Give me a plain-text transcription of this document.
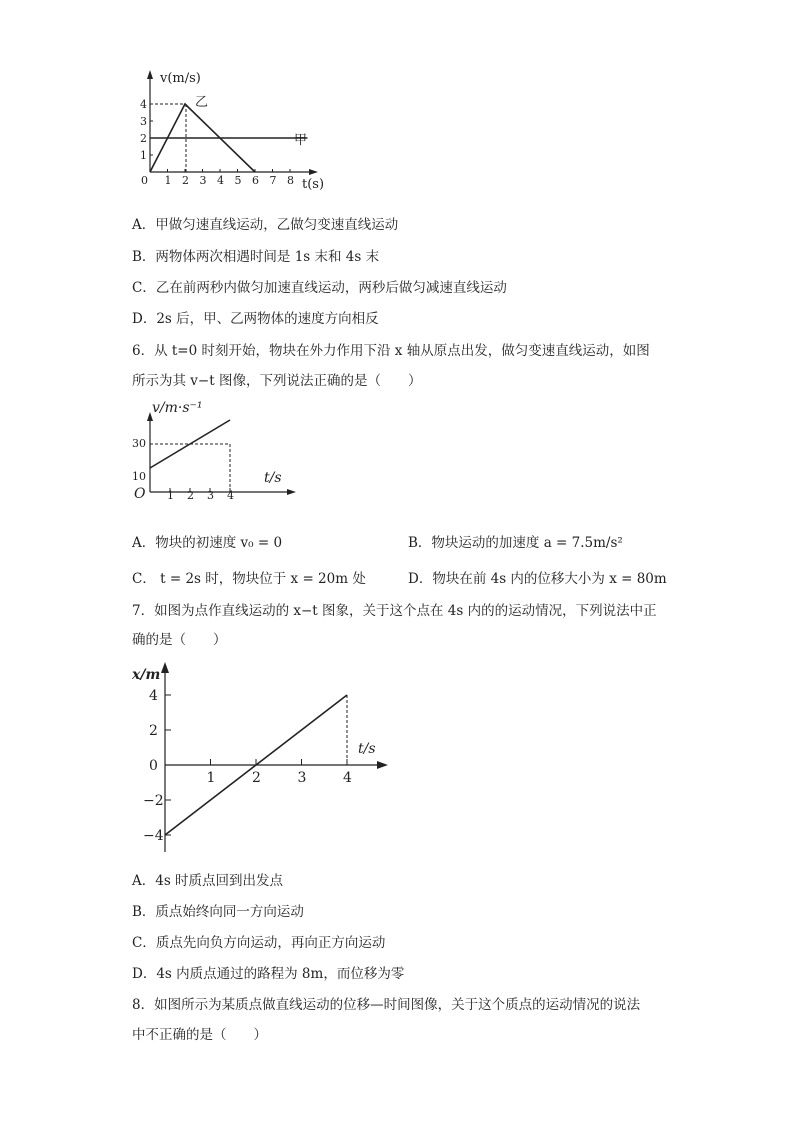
v(m/s)
t(s)
0 1 2 3 4 5 6 7 8
1
2
3
4	乙
甲
A．甲做匀速直线运动，乙做匀变速直线运动
B．两物体两次相遇时间是 1s 末和 4s 末
C．乙在前两秒内做匀加速直线运动，两秒后做匀减速直线运动
D．2s 后，甲、乙两物体的速度方向相反
6．从 t=0 时刻开始，物块在外力作用下沿 x 轴从原点出发，做匀变速直线运动，如图
所示为其 v−t 图像，下列说法正确的是（　　）
v/m·s⁻¹
t/s
O 1 2 3 4
30
10
A．物块的初速度 v₀ = 0	B．物块运动的加速度 a = 7.5m/s²
C． t = 2s 时，物块位于 x = 20m 处	D．物块在前 4s 内的位移大小为 x = 80m
7．如图为点作直线运动的 x−t 图象，关于这个点在 4s 内的的运动情况，下列说法中正
确的是（　　）
x/m
t/s
1	2	3	4
4
2
0
−2
−4
A．4s 时质点回到出发点
B．质点始终向同一方向运动
C．质点先向负方向运动，再向正方向运动
D．4s 内质点通过的路程为 8m，而位移为零
8．如图所示为某质点做直线运动的位移—时间图像，关于这个质点的运动情况的说法
中不正确的是（　　）
